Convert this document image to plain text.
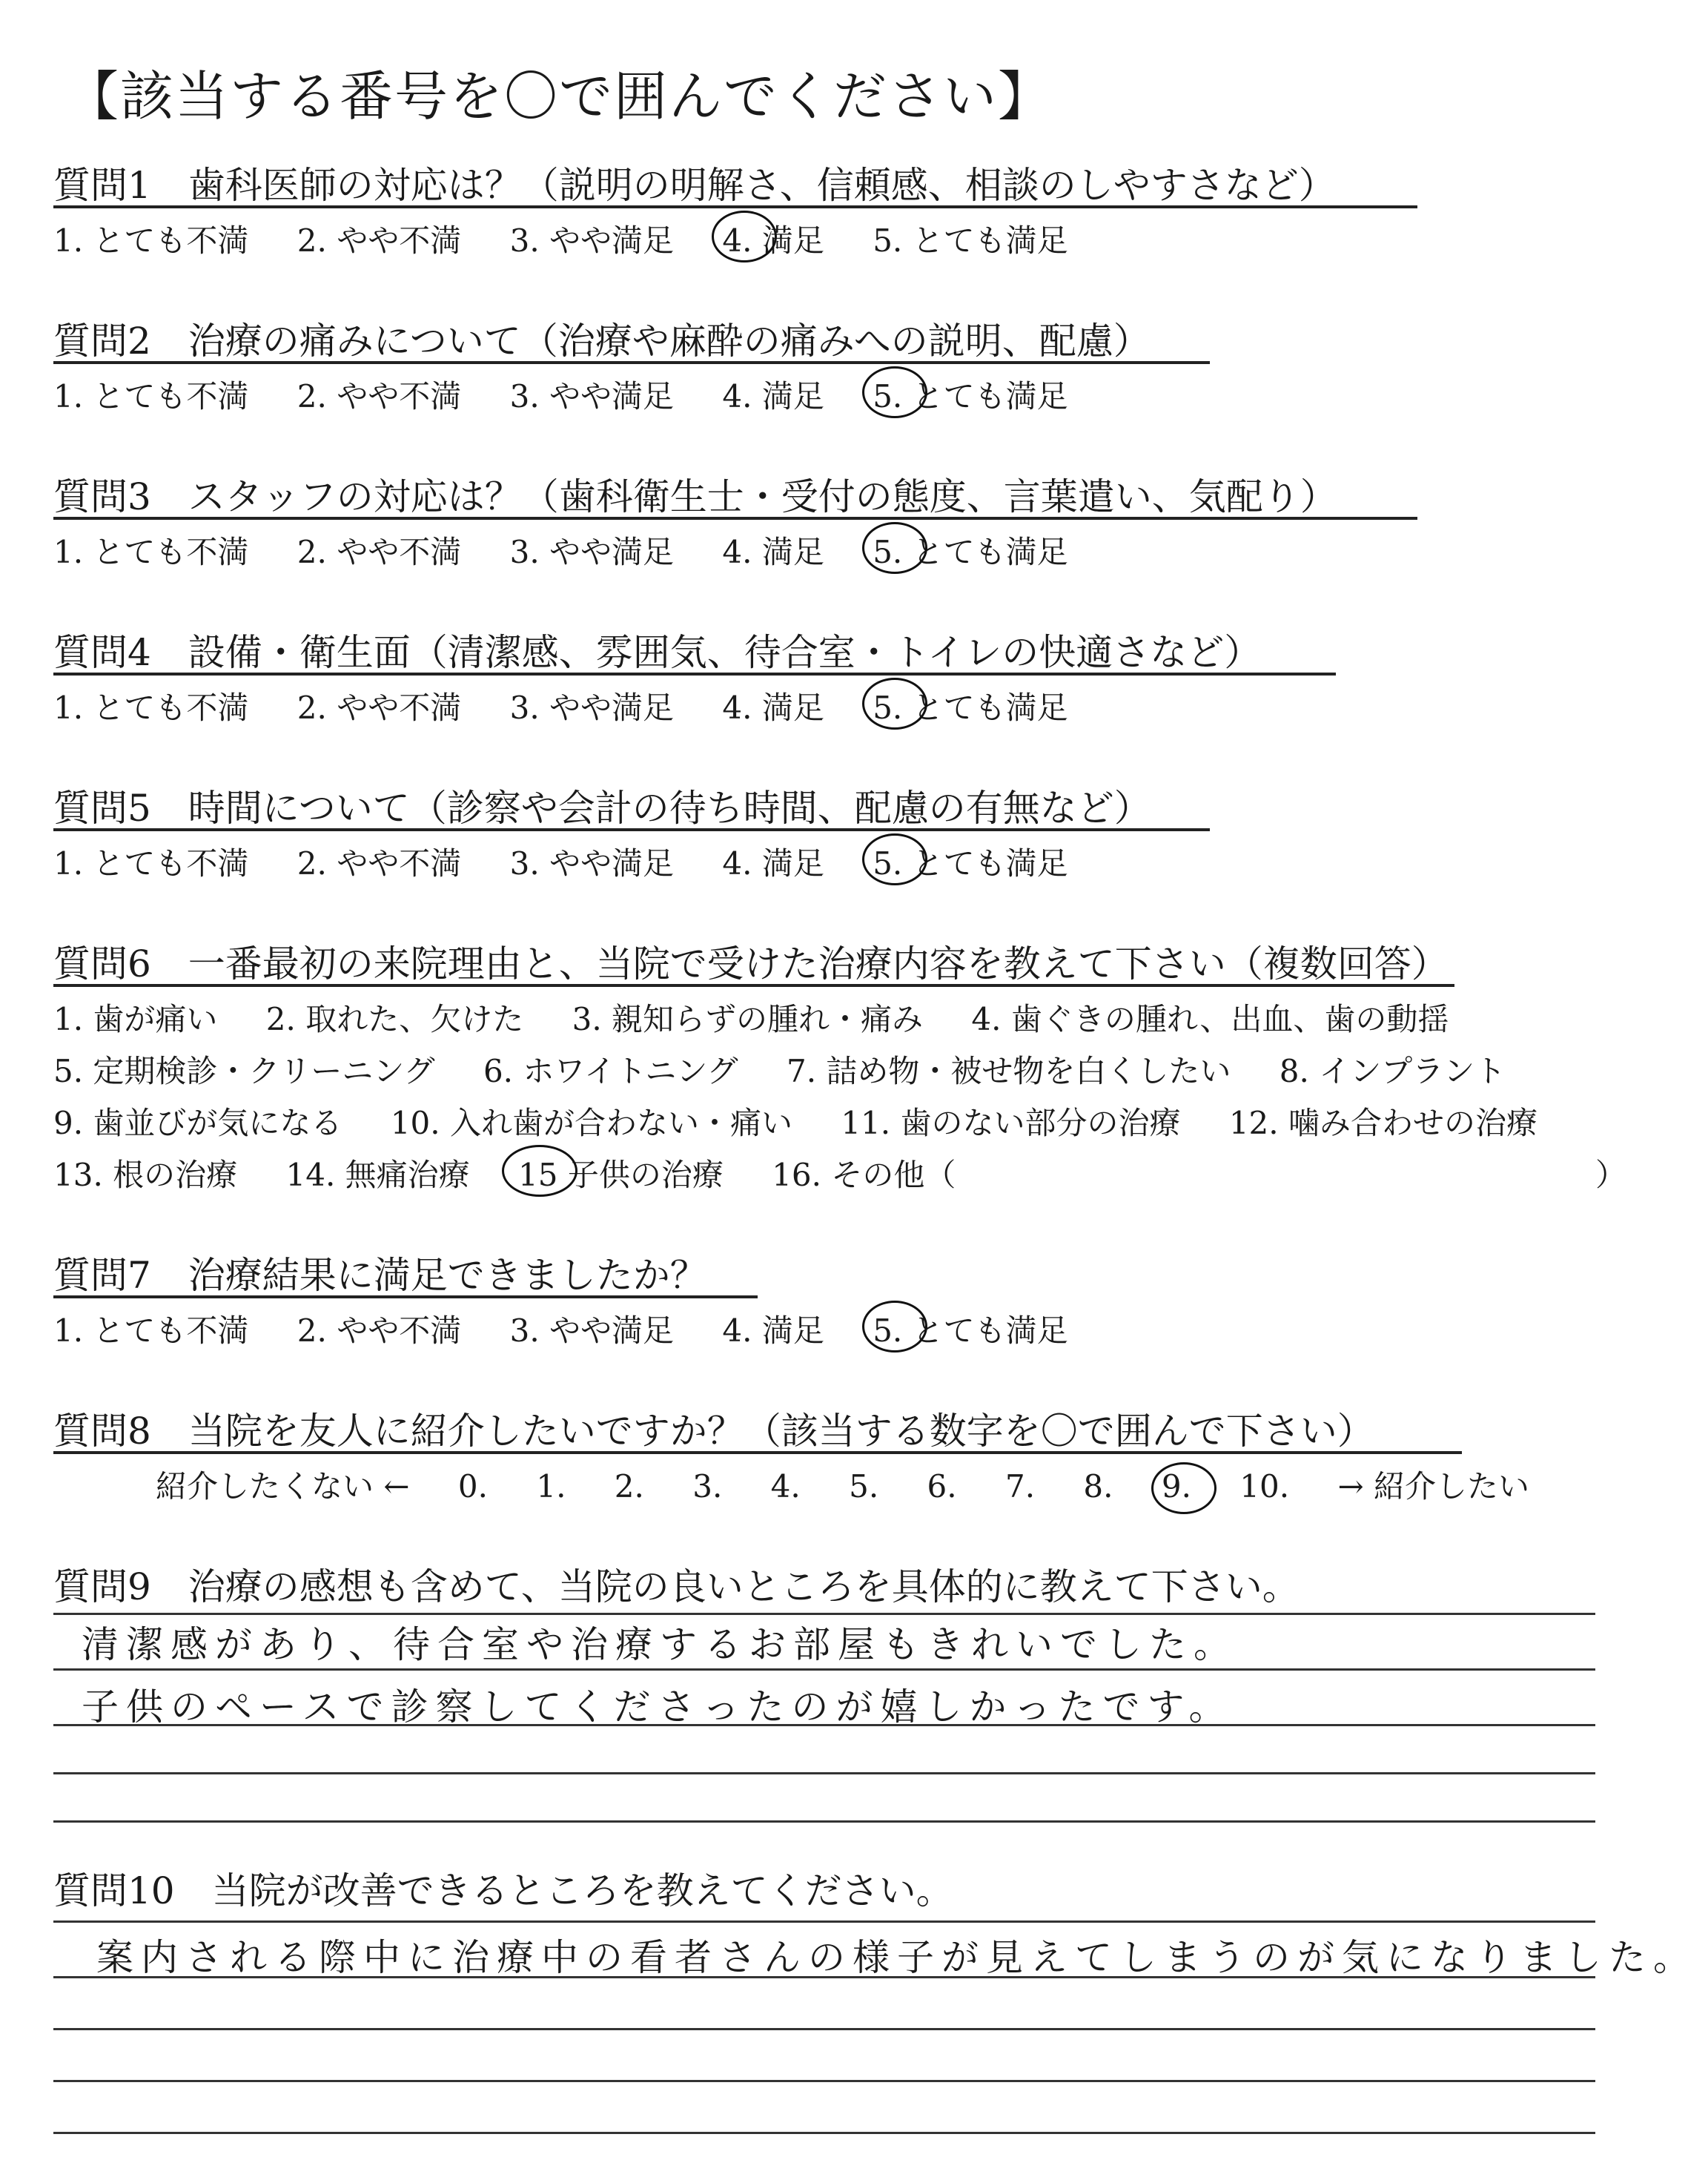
【該当する番号を〇で囲んでください】
質問1　歯科医師の対応は？（説明の明解さ、信頼感、相談のしやすさなど）
1. とても不満 2. やや不満 3. やや満足 4. 満足 5. とても満足
質問2　治療の痛みについて（治療や麻酔の痛みへの説明、配慮）
1. とても不満 2. やや不満 3. やや満足 4. 満足 5. とても満足
質問3　スタッフの対応は？（歯科衛生士・受付の態度、言葉遣い、気配り）
1. とても不満 2. やや不満 3. やや満足 4. 満足 5. とても満足
質問4　設備・衛生面（清潔感、雰囲気、待合室・トイレの快適さなど）
1. とても不満 2. やや不満 3. やや満足 4. 満足 5. とても満足
質問5　時間について（診察や会計の待ち時間、配慮の有無など）
1. とても不満 2. やや不満 3. やや満足 4. 満足 5. とても満足
質問6　一番最初の来院理由と、当院で受けた治療内容を教えて下さい（複数回答）
1. 歯が痛い 2. 取れた、欠けた 3. 親知らずの腫れ・痛み 4. 歯ぐきの腫れ、出血、歯の動揺
5. 定期検診・クリーニング 6. ホワイトニング 7. 詰め物・被せ物を白くしたい 8. インプラント
9. 歯並びが気になる 10. 入れ歯が合わない・痛い 11. 歯のない部分の治療 12. 噛み合わせの治療
13. 根の治療 14. 無痛治療 15 子供の治療 16. その他（	）
質問7　治療結果に満足できましたか？
1. とても不満 2. やや不満 3. やや満足 4. 満足 5. とても満足
質問8　当院を友人に紹介したいですか？（該当する数字を〇で囲んで下さい）
紹介したくない ← 0. 1. 2. 3. 4. 5. 6. 7. 8. 9. 10. → 紹介したい
質問9　治療の感想も含めて、当院の良いところを具体的に教えて下さい。
清潔感があり、待合室や治療するお部屋もきれいでした。
子供のペースで診察してくださったのが嬉しかったです。
質問10　当院が改善できるところを教えてください。
案内される際中に治療中の看者さんの様子が見えてしまうのが気になりました。
